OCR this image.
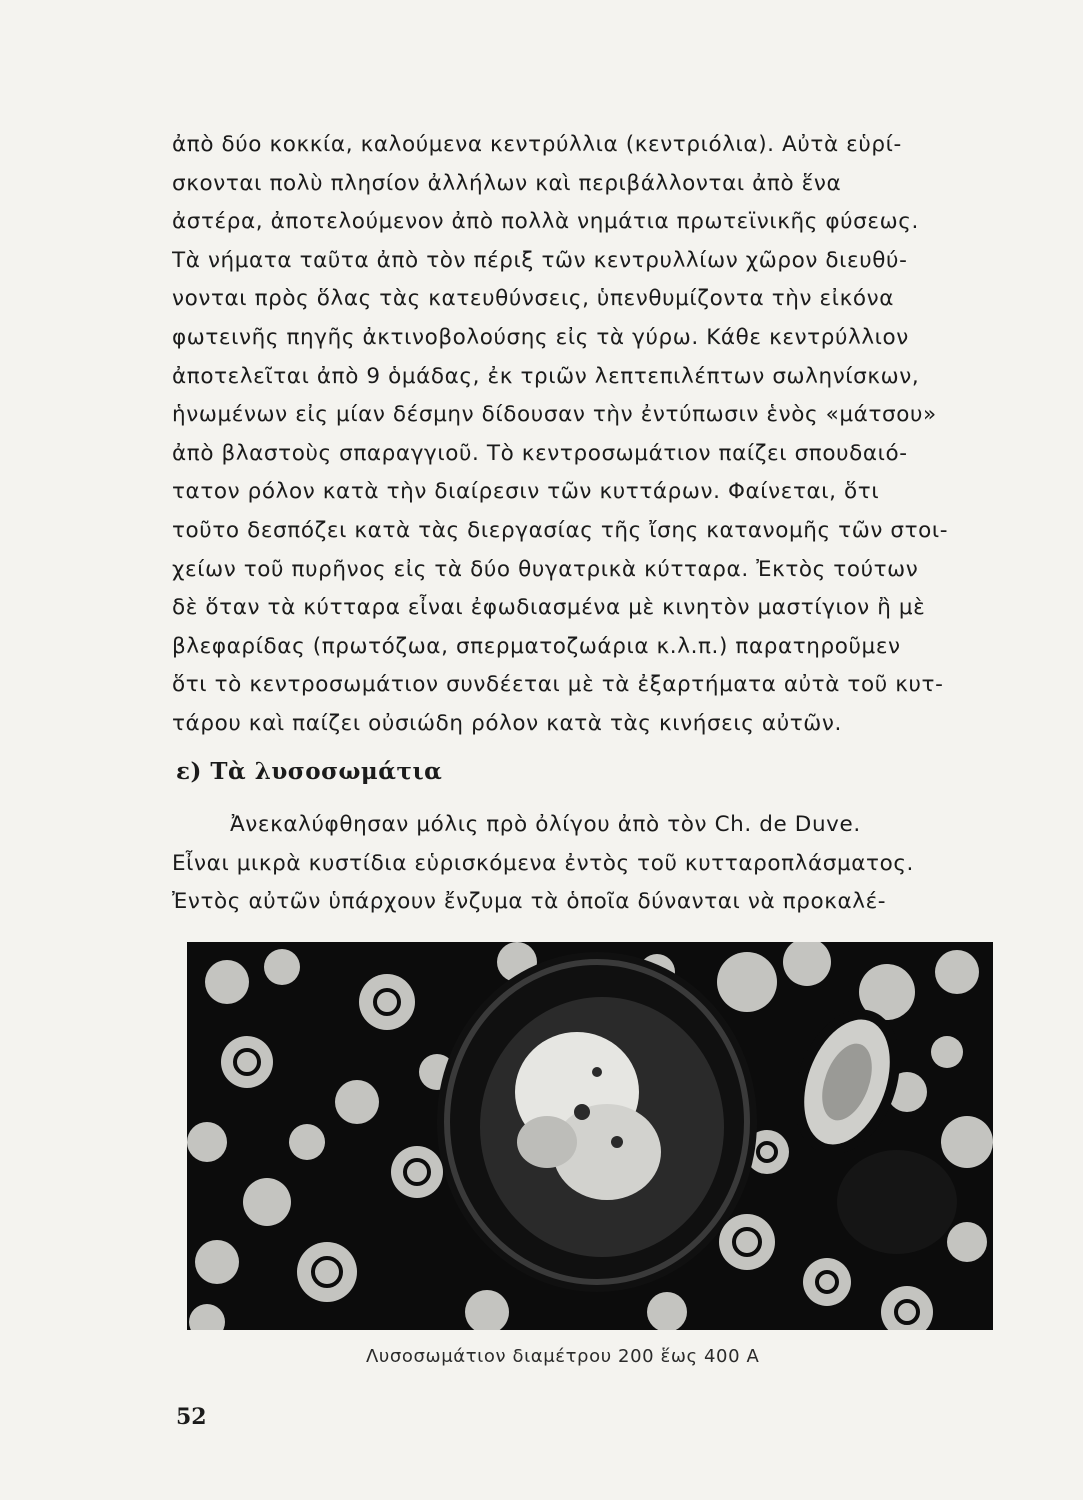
ἀπὸ δύο κοκκία, καλούμενα κεντρύλλια (κεντριόλια). Αὐτὰ εὑρί-
σκονται πολὺ πλησίον ἀλλήλων καὶ περιβάλλονται ἀπὸ ἕνα
ἀστέρα, ἀποτελούμενον ἀπὸ πολλὰ νημάτια πρωτεϊνικῆς φύσεως.
Τὰ νήματα ταῦτα ἀπὸ τὸν πέριξ τῶν κεντρυλλίων χῶρον διευθύ-
νονται πρὸς ὅλας τὰς κατευθύνσεις, ὑπενθυμίζοντα τὴν εἰκόνα
φωτεινῆς πηγῆς ἀκτινοβολούσης εἰς τὰ γύρω. Κάθε κεντρύλλιον
ἀποτελεῖται ἀπὸ 9 ὁμάδας, ἐκ τριῶν λεπτεπιλέπτων σωληνίσκων,
ἡνωμένων εἰς μίαν δέσμην δίδουσαν τὴν ἐντύπωσιν ἑνὸς «μάτσου»
ἀπὸ βλαστοὺς σπαραγγιοῦ. Τὸ κεντροσωμάτιον παίζει σπουδαιό-
τατον ρόλον κατὰ τὴν διαίρεσιν τῶν κυττάρων. Φαίνεται, ὅτι
τοῦτο δεσπόζει κατὰ τὰς διεργασίας τῆς ἴσης κατανομῆς τῶν στοι-
χείων τοῦ πυρῆνος εἰς τὰ δύο θυγατρικὰ κύτταρα. Ἐκτὸς τούτων
δὲ ὅταν τὰ κύτταρα εἶναι ἐφωδιασμένα μὲ κινητὸν μαστίγιον ἢ μὲ
βλεφαρίδας (πρωτόζωα, σπερματοζωάρια κ.λ.π.) παρατηροῦμεν
ὅτι τὸ κεντροσωμάτιον συνδέεται μὲ τὰ ἐξαρτήματα αὐτὰ τοῦ κυτ-
τάρου καὶ παίζει οὐσιώδη ρόλον κατὰ τὰς κινήσεις αὐτῶν.
ε) Τὰ λυσοσωμάτια
Ἀνεκαλύφθησαν μόλις πρὸ ὀλίγου ἀπὸ τὸν Ch. de Duve.
Εἶναι μικρὰ κυστίδια εὑρισκόμενα ἐντὸς τοῦ κυτταροπλάσματος.
Ἐντὸς αὐτῶν ὑπάρχουν ἔνζυμα τὰ ὁποῖα δύνανται νὰ προκαλέ-
Λυσοσωμάτιον διαμέτρου 200 ἕως 400 Α
52
